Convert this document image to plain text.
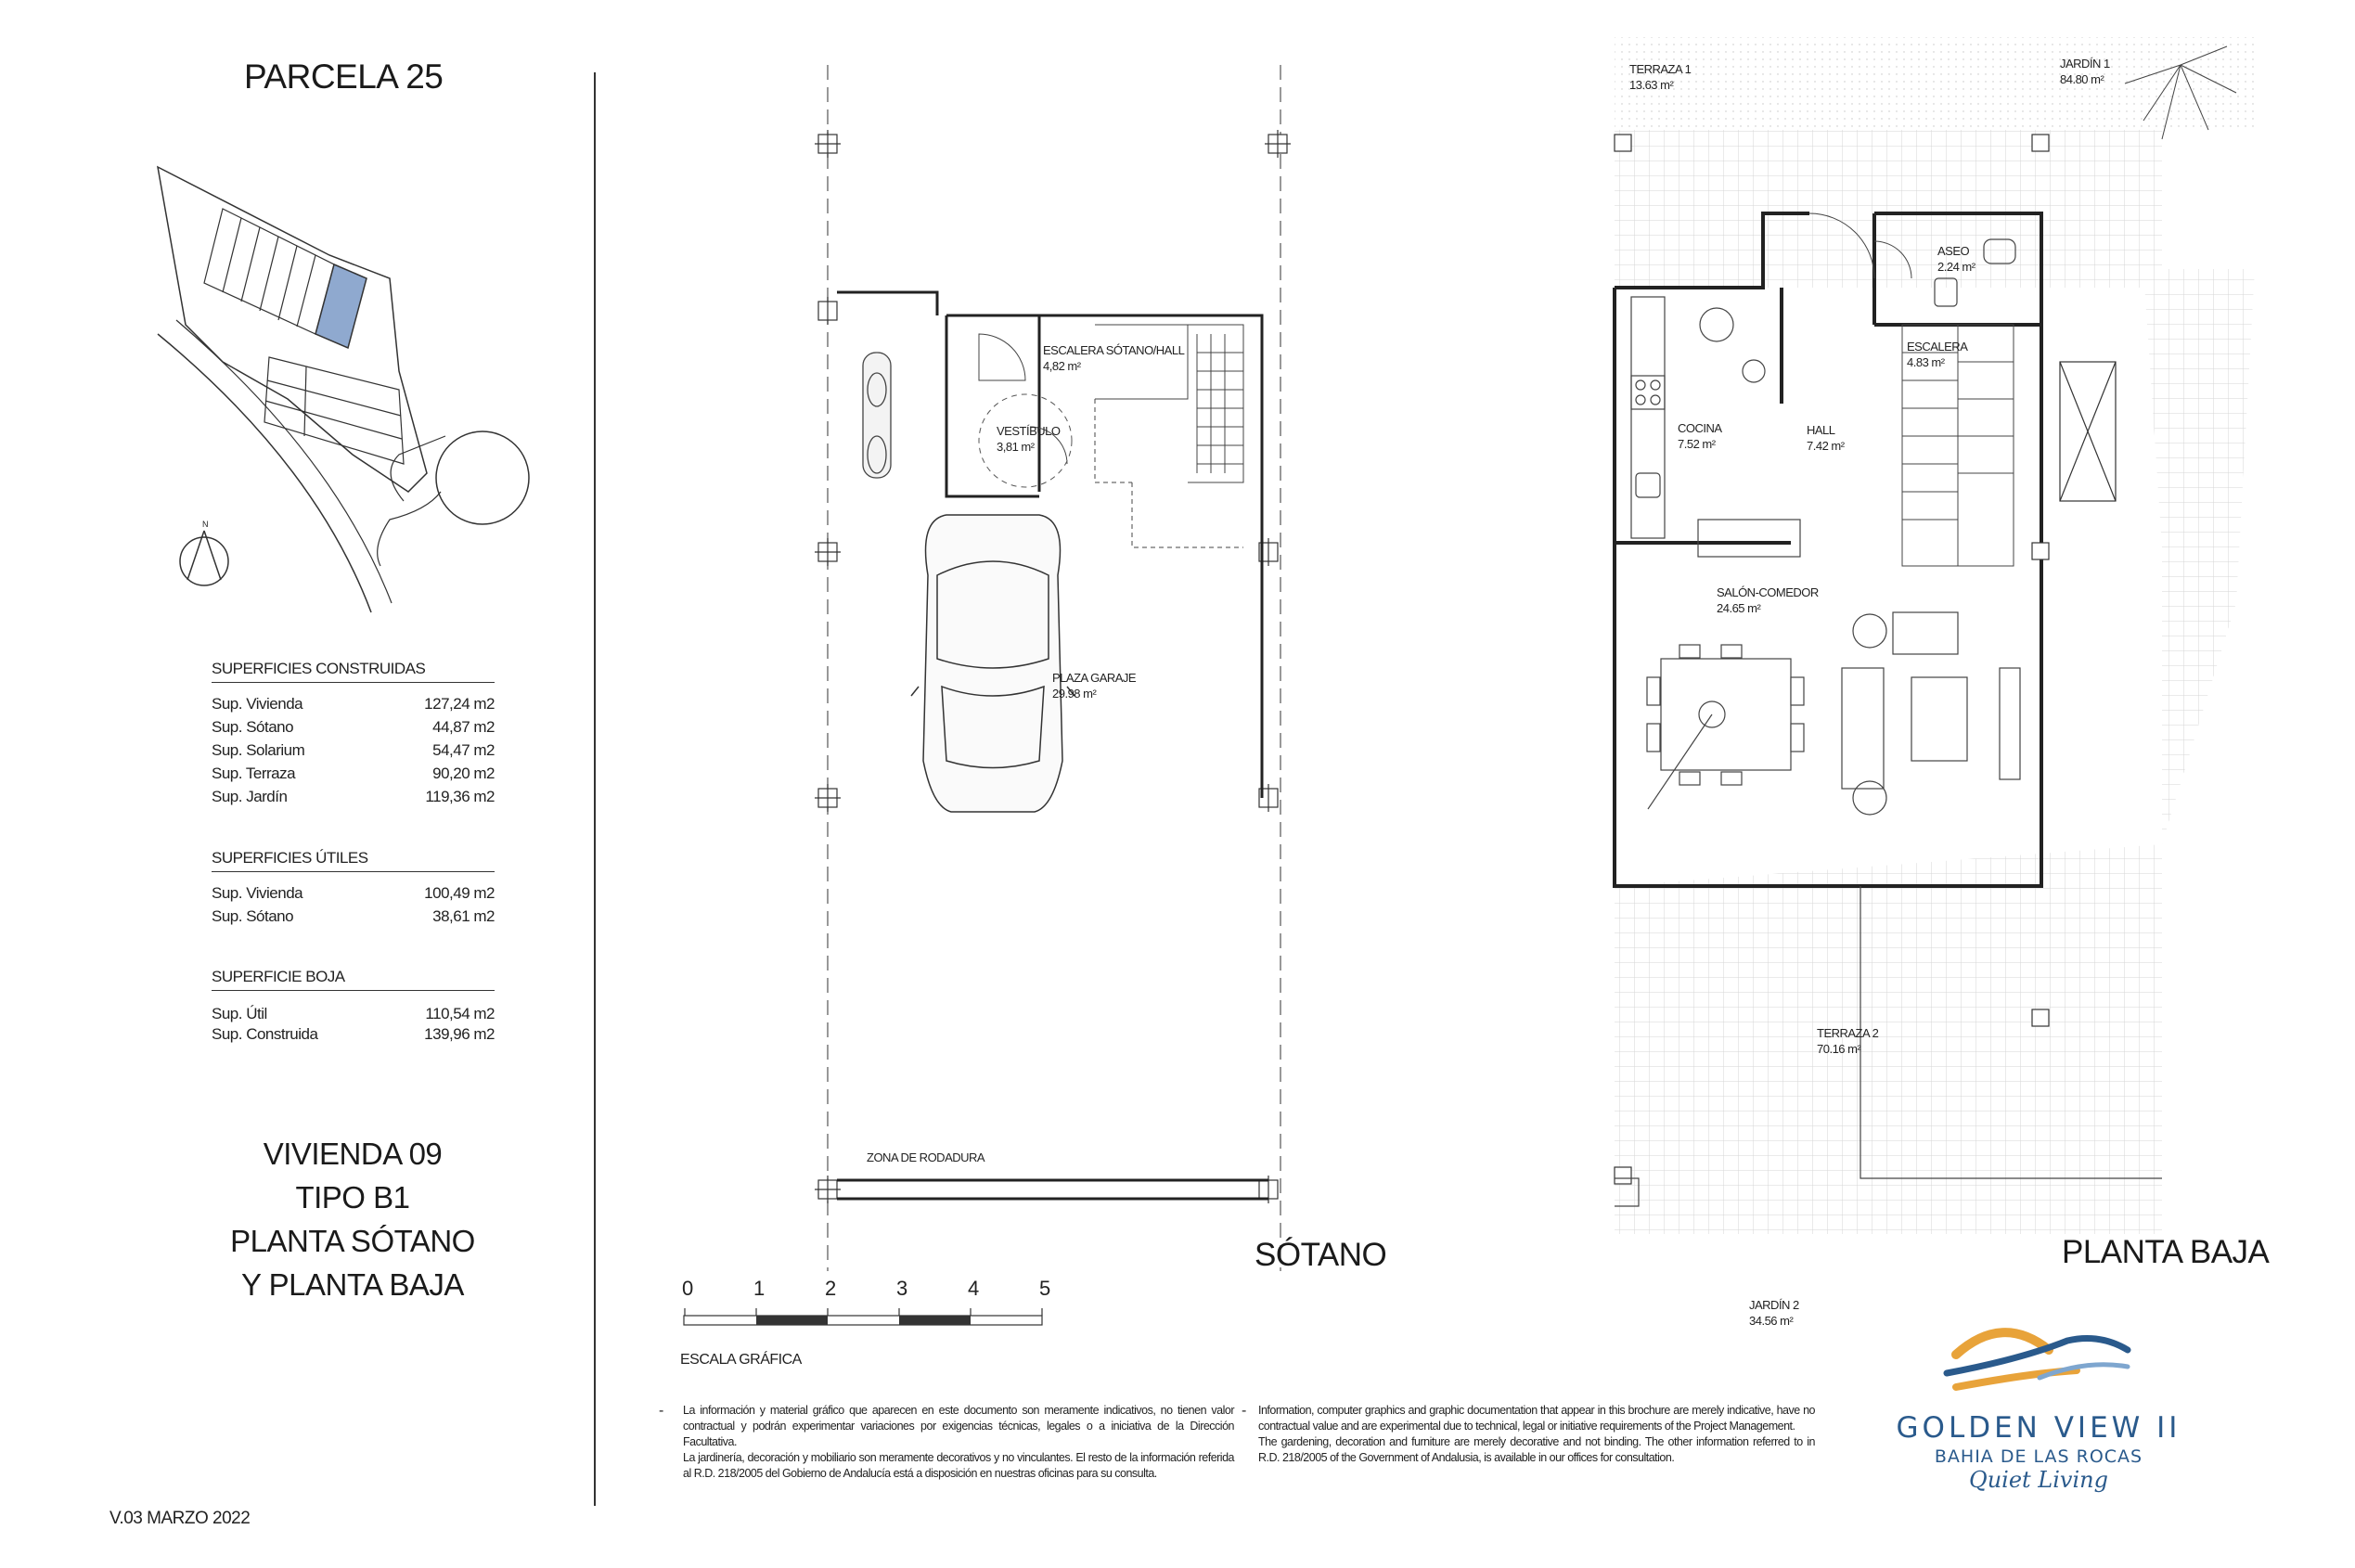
PARCELA 25
N
SUPERFICIES CONSTRUIDAS
Sup. Vivienda	127,24 m2
Sup. Sótano	44,87 m2
Sup. Solarium	54,47 m2
Sup. Terraza	90,20 m2
Sup. Jardín	119,36 m2
SUPERFICIES ÚTILES
Sup. Vivienda	100,49 m2
Sup. Sótano	38,61 m2
SUPERFICIE BOJA
Sup. Útil	110,54 m2
Sup. Construida	139,96 m2
VIVIENDA 09
TIPO B1
PLANTA SÓTANO
Y PLANTA BAJA
V.03 MARZO 2022
ESCALERA SÓTANO/HALL
4,82 m²
VESTÍBULO
3,81 m²
PLAZA GARAJE
29.98 m²
ZONA DE RODADURA
SÓTANO
TERRAZA 1
13.63 m²
JARDÍN 1
84.80 m²
ASEO
2.24 m²
ESCALERA
4.83 m²
COCINA
7.52 m²
HALL
7.42 m²
SALÓN-COMEDOR
24.65 m²
TERRAZA 2
70.16 m²
JARDÍN 2
34.56 m²
PLANTA BAJA
0	1	2	3	4	5
ESCALA GRÁFICA
-	La información y material gráfico que aparecen en este documento son meramente indicativos, no tienen valor contractual y podrán experimentar variaciones por exigencias técnicas, legales o a iniciativa de la Dirección Facultativa.

La jardinería, decoración y mobiliario son meramente decorativos y no vinculantes. El resto de la información referida al R.D. 218/2005 del Gobierno de Andalucía está a disposición en nuestras oficinas para su consulta.

-	Information, computer graphics and graphic documentation that appear in this brochure are merely indicative, have no contractual value and are experimental due to technical, legal or initiative requirements of the Project Management.

The gardening, decoration and furniture are merely decorative and not binding. The other information referred to in R.D. 218/2005 of the Government of Andalusia, is available in our offices for consultation.

GOLDEN VIEW II
BAHIA DE LAS ROCAS
Quiet Living
